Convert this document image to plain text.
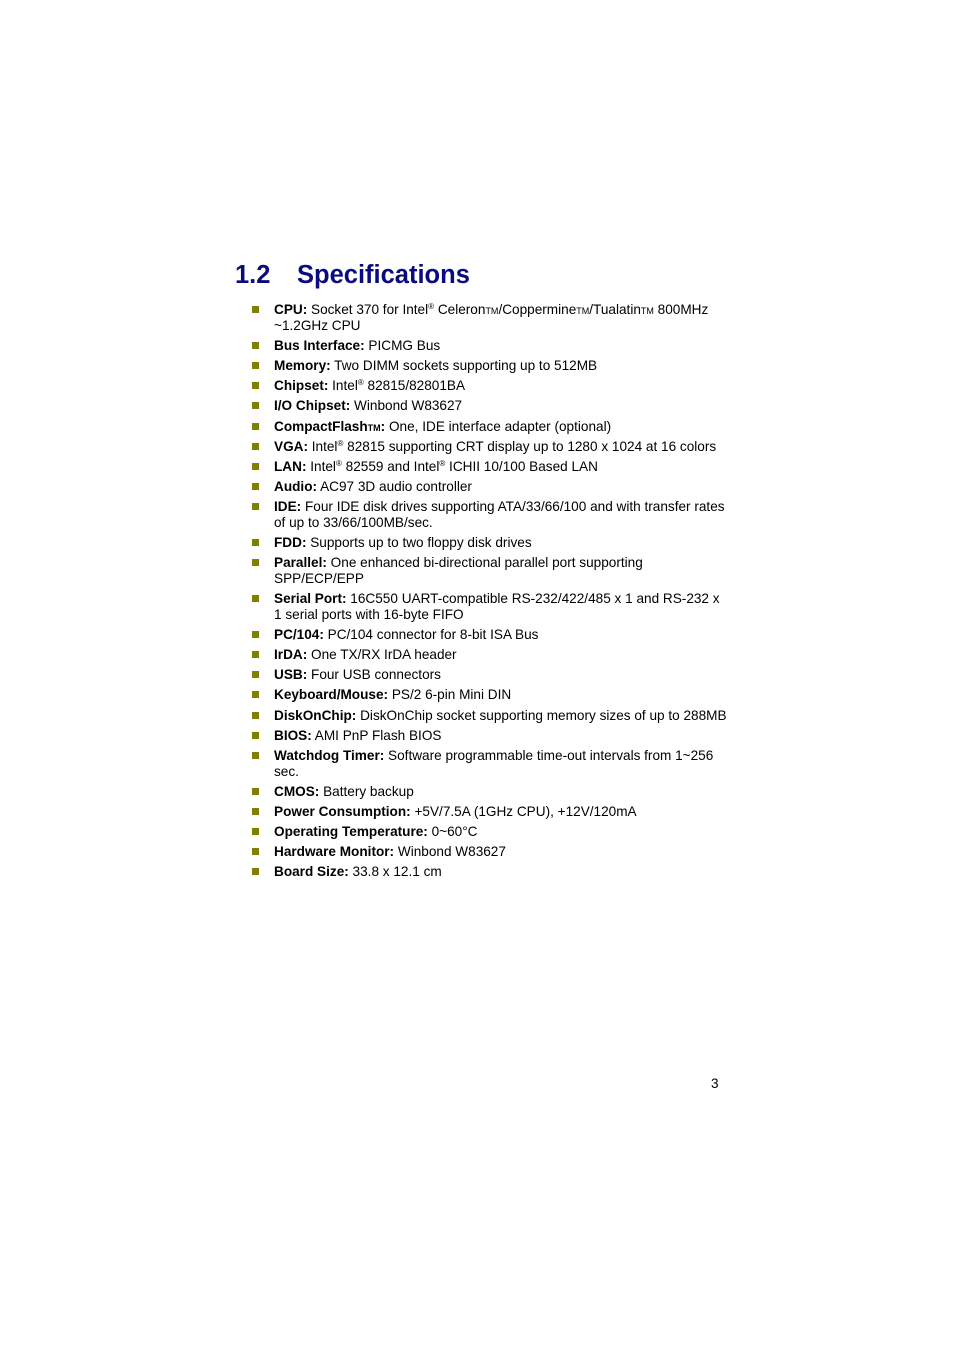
1.2 Specifications
CPU: Socket 370 for Intel® CeleronTM/CoppermineTM/TualatinTM 800MHz ~1.2GHz CPU
Bus Interface: PICMG Bus
Memory: Two DIMM sockets supporting up to 512MB
Chipset: Intel® 82815/82801BA
I/O Chipset: Winbond W83627
CompactFlashTM: One, IDE interface adapter (optional)
VGA: Intel® 82815 supporting CRT display up to 1280 x 1024 at 16 colors
LAN: Intel® 82559 and Intel® ICHII 10/100 Based LAN
Audio: AC97 3D audio controller
IDE: Four IDE disk drives supporting ATA/33/66/100 and with transfer rates of up to 33/66/100MB/sec.
FDD: Supports up to two floppy disk drives
Parallel: One enhanced bi-directional parallel port supporting SPP/ECP/EPP
Serial Port: 16C550 UART-compatible RS-232/422/485 x 1 and RS-232 x 1 serial ports with 16-byte FIFO
PC/104: PC/104 connector for 8-bit ISA Bus
IrDA: One TX/RX IrDA header
USB: Four USB connectors
Keyboard/Mouse: PS/2 6-pin Mini DIN
DiskOnChip: DiskOnChip socket supporting memory sizes of up to 288MB
BIOS: AMI PnP Flash BIOS
Watchdog Timer: Software programmable time-out intervals from 1~256 sec.
CMOS: Battery backup
Power Consumption: +5V/7.5A (1GHz CPU), +12V/120mA
Operating Temperature: 0~60°C
Hardware Monitor: Winbond W83627
Board Size: 33.8 x 12.1 cm
3
